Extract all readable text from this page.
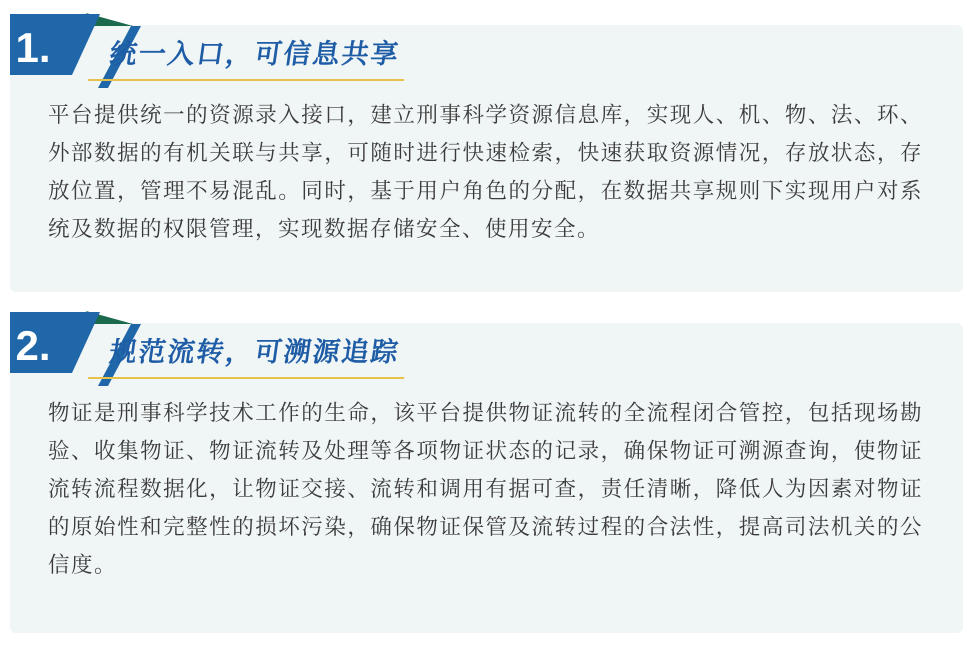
平台提供统一的资源录入接口，建立刑事科学资源信息库，实现人、机、物、法、环、外部数据的有机关联与共享，可随时进行快速检索，快速获取资源情况，存放状态，存放位置，管理不易混乱。同时，基于用户角色的分配，在数据共享规则下实现用户对系统及数据的权限管理，实现数据存储安全、使用安全。

1.	统一入口，可信息共享

物证是刑事科学技术工作的生命，该平台提供物证流转的全流程闭合管控，包括现场勘验、收集物证、物证流转及处理等各项物证状态的记录，确保物证可溯源查询，使物证流转流程数据化，让物证交接、流转和调用有据可查，责任清晰，降低人为因素对物证的原始性和完整性的损坏污染，确保物证保管及流转过程的合法性，提高司法机关的公信度。

2.	规范流转，可溯源追踪
